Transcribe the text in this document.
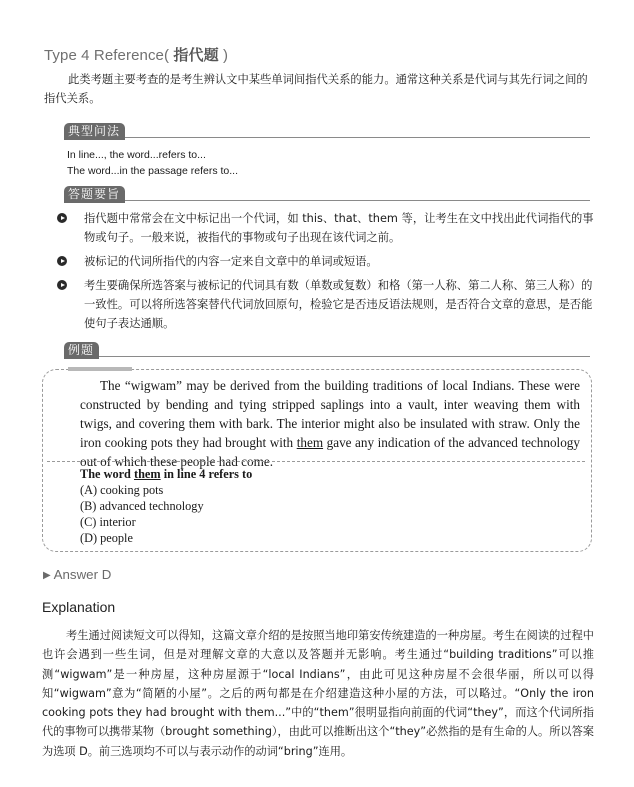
Type 4 Reference( 指代题 )
此类考题主要考查的是考生辨认文中某些单词间指代关系的能力。通常这种关系是代词与其先行词之间的指代关系。
典型问法
In line..., the word...refers to...
The word...in the passage refers to...
答题要旨
指代题中常常会在文中标记出一个代词，如 this、that、them 等，让考生在文中找出此代词指代的事物或句子。一般来说，被指代的事物或句子出现在该代词之前。
被标记的代词所指代的内容一定来自文章中的单词或短语。
考生要确保所选答案与被标记的代词具有数（单数或复数）和格（第一人称、第二人称、第三人称）的一致性。可以将所选答案替代代词放回原句，检验它是否违反语法规则，是否符合文章的意思，是否能使句子表达通顺。
例题
The “wigwam” may be derived from the building traditions of local Indians. These were constructed by bending and tying stripped saplings into a vault, inter weaving them with twigs, and covering them with bark. The interior might also be insulated with straw. Only the iron cooking pots they had brought with them gave any indication of the advanced technology out of which these people had come.
The word them in line 4 refers to
(A) cooking pots
(B) advanced technology
(C) interior
(D) people
▶ Answer D
Explanation
考生通过阅读短文可以得知，这篇文章介绍的是按照当地印第安传统建造的一种房屋。考生在阅读的过程中也许会遇到一些生词，但是对理解文章的大意以及答题并无影响。考生通过“building traditions”可以推测“wigwam”是一种房屋，这种房屋源于“local Indians”，由此可见这种房屋不会很华丽，所以可以得知“wigwam”意为“简陋的小屋”。之后的两句都是在介绍建造这种小屋的方法，可以略过。“Only the iron cooking pots they had brought with them...”中的“them”很明显指向前面的代词“they”，而这个代词所指代的事物可以携带某物（brought something），由此可以推断出这个“they”必然指的是有生命的人。所以答案为选项 D。前三选项均不可以与表示动作的动词“bring”连用。
